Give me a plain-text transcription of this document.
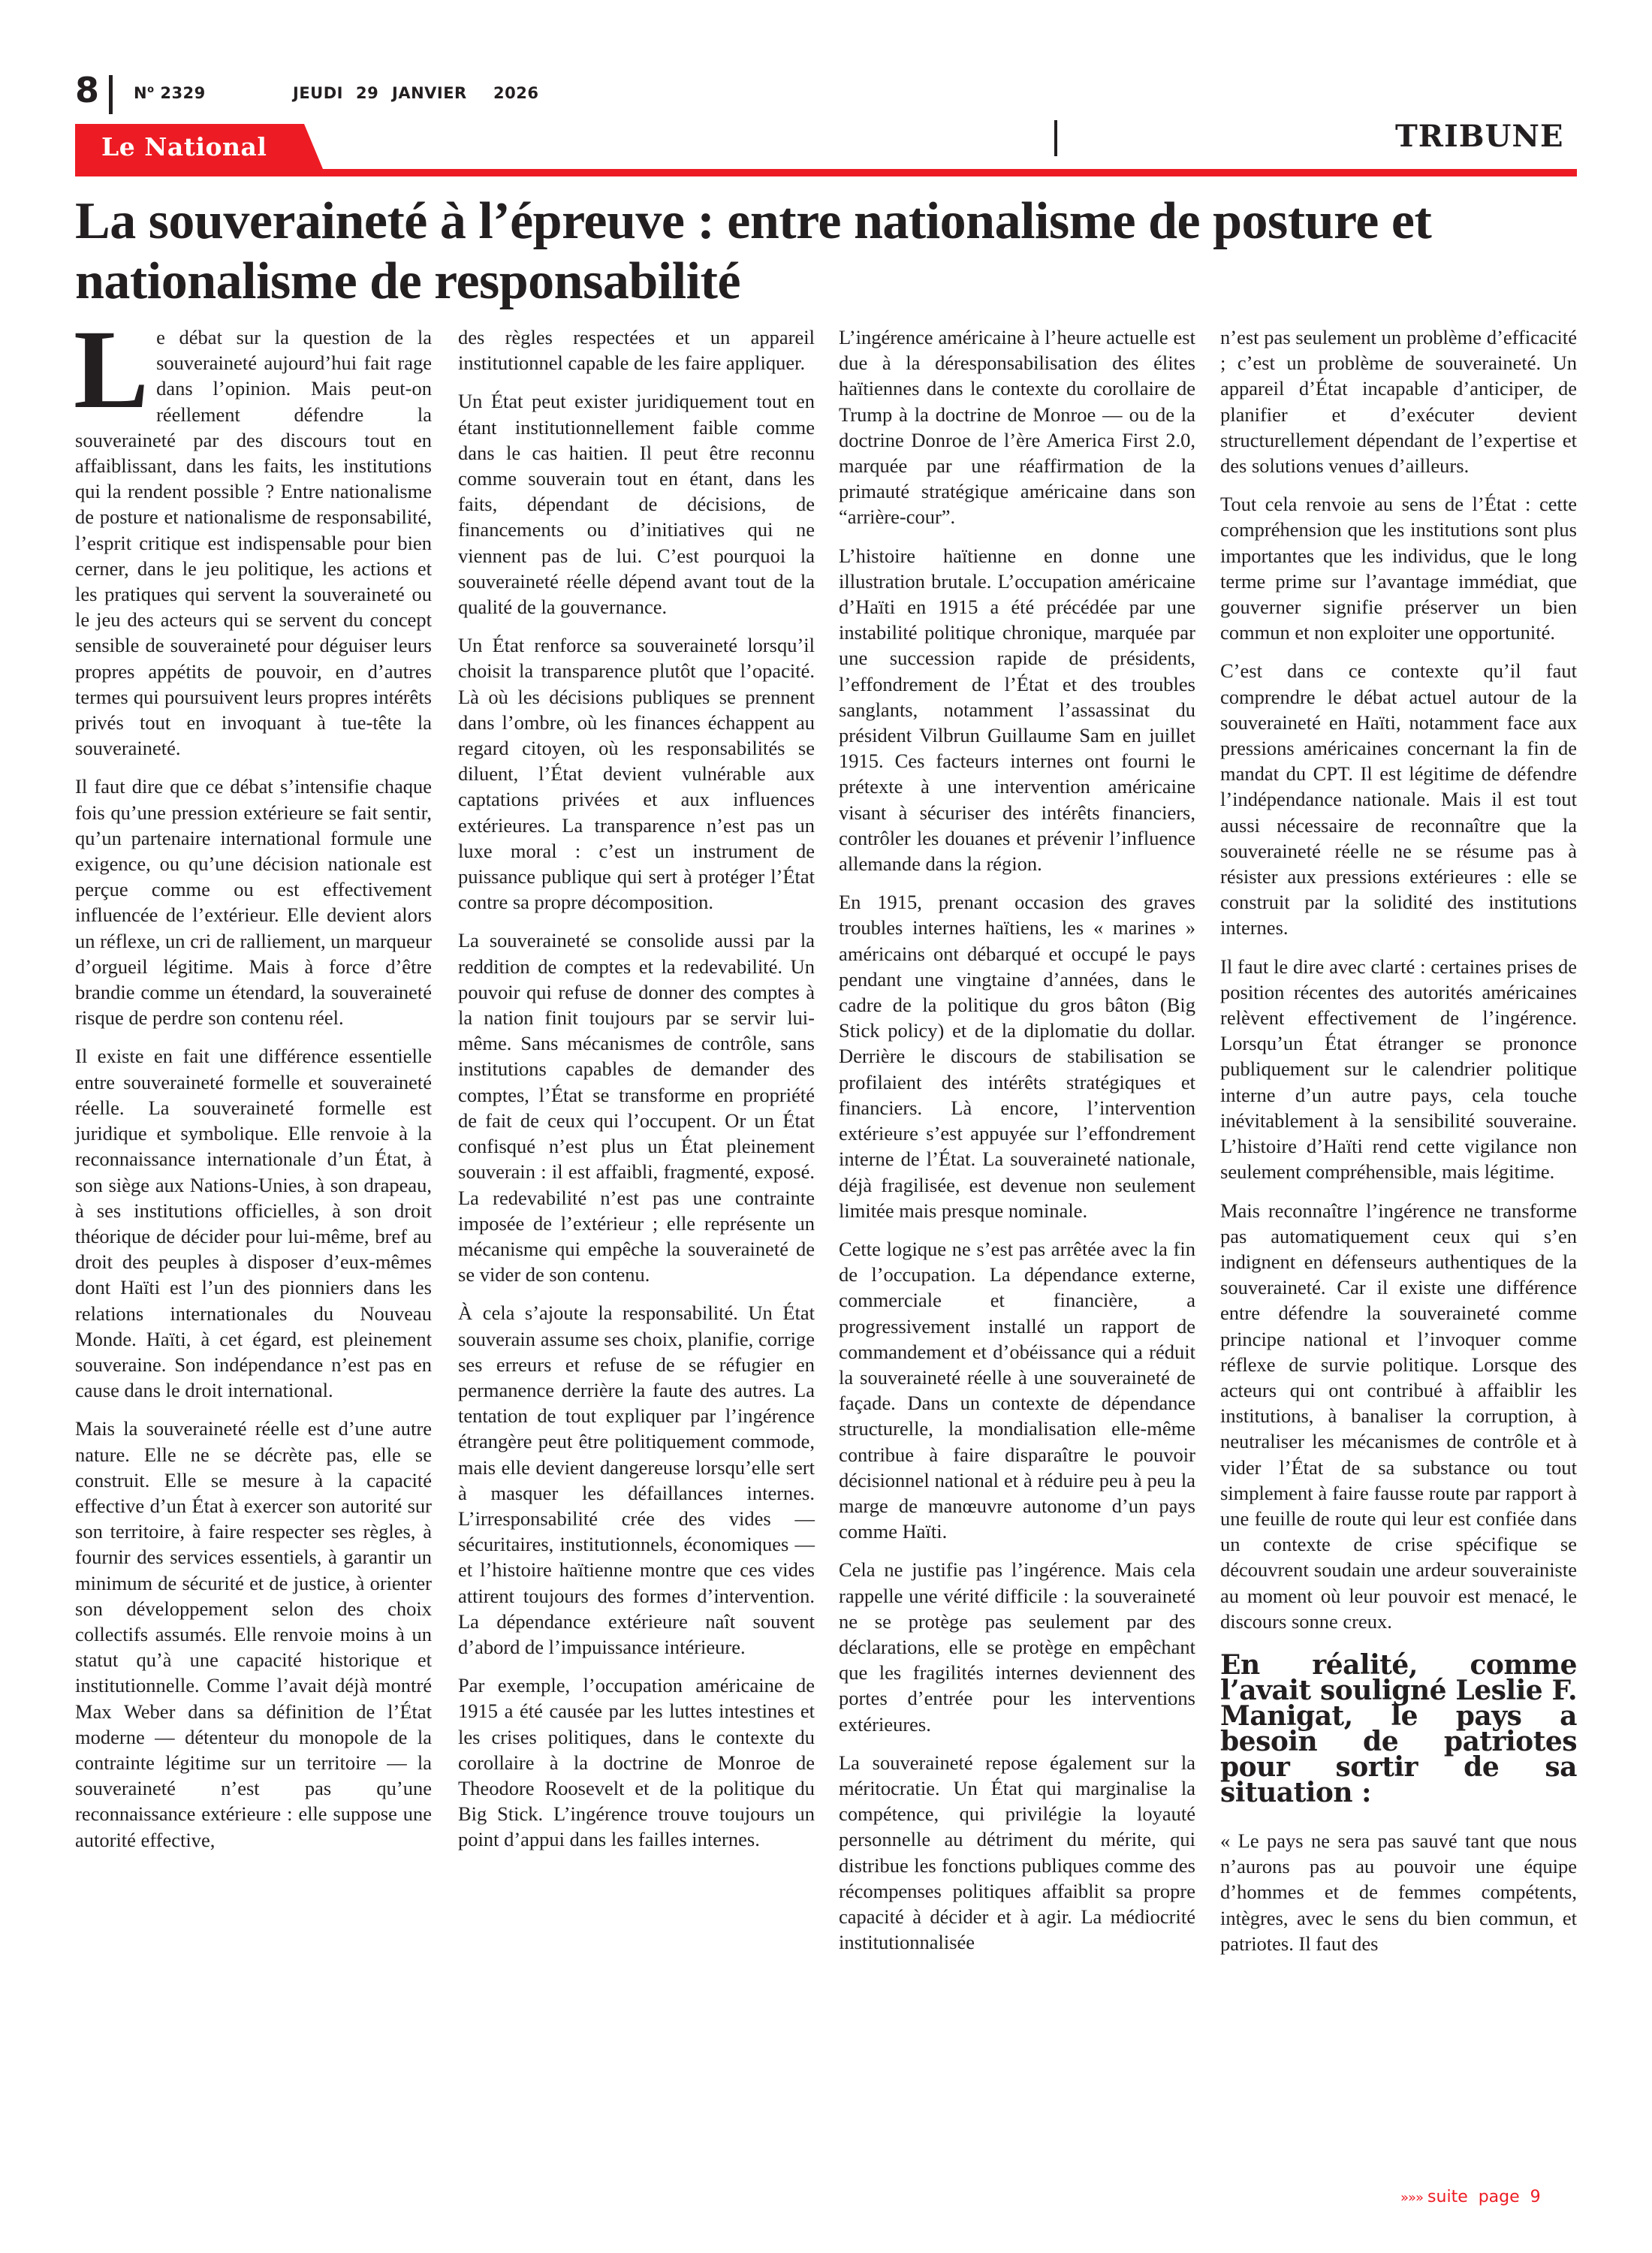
8 $N^o$ 2329	JEUDI 29 JANVIER 2026
Le National	TRIBUNE
La souveraineté à l’épreuve : entre nationalisme de posture et nationalisme de responsabilité

Le débat sur la question de la souveraineté aujourd’hui fait rage dans l’opinion. Mais peut-on réellement défendre la souveraineté par des discours tout en affaiblissant, dans les faits, les institutions qui la rendent possible ? Entre nationalisme de posture et nationalisme de responsabilité, l’esprit critique est indispensable pour bien cerner, dans le jeu politique, les actions et les pratiques qui servent la souveraineté ou le jeu des acteurs qui se servent du concept sensible de souveraineté pour déguiser leurs propres appétits de pouvoir, en d’autres termes qui poursuivent leurs propres intérêts privés tout en invoquant à tue-tête la souveraineté.

Il faut dire que ce débat s’intensifie chaque fois qu’une pression extérieure se fait sentir, qu’un partenaire international formule une exigence, ou qu’une décision nationale est perçue comme ou est effectivement influencée de l’extérieur. Elle devient alors un réflexe, un cri de ralliement, un marqueur d’orgueil légitime. Mais à force d’être brandie comme un étendard, la souveraineté risque de perdre son contenu réel.

Il existe en fait une différence essentielle entre souveraineté formelle et souveraineté réelle. La souveraineté formelle est juridique et symbolique. Elle renvoie à la reconnaissance internationale d’un État, à son siège aux Nations-Unies, à son drapeau, à ses institutions officielles, à son droit théorique de décider pour lui-même, bref au droit des peuples à disposer d’eux-mêmes dont Haïti est l’un des pionniers dans les relations internationales du Nouveau Monde. Haïti, à cet égard, est pleinement souveraine. Son indépendance n’est pas en cause dans le droit international.

Mais la souveraineté réelle est d’une autre nature. Elle ne se décrète pas, elle se construit. Elle se mesure à la capacité effective d’un État à exercer son autorité sur son territoire, à faire respecter ses règles, à fournir des services essentiels, à garantir un minimum de sécurité et de justice, à orienter son développement selon des choix collectifs assumés. Elle renvoie moins à un statut qu’à une capacité historique et institutionnelle. Comme l’avait déjà montré Max Weber dans sa définition de l’État moderne — détenteur du monopole de la contrainte légitime sur un territoire — la souveraineté n’est pas qu’une reconnaissance extérieure : elle suppose une autorité effective,

des règles respectées et un appareil institutionnel capable de les faire appliquer.

Un État peut exister juridiquement tout en étant institutionnellement faible comme dans le cas haitien. Il peut être reconnu comme souverain tout en étant, dans les faits, dépendant de décisions, de financements ou d’initiatives qui ne viennent pas de lui. C’est pourquoi la souveraineté réelle dépend avant tout de la qualité de la gouvernance.

Un État renforce sa souveraineté lorsqu’il choisit la transparence plutôt que l’opacité. Là où les décisions publiques se prennent dans l’ombre, où les finances échappent au regard citoyen, où les responsabilités se diluent, l’État devient vulnérable aux captations privées et aux influences extérieures. La transparence n’est pas un luxe moral : c’est un instrument de puissance publique qui sert à protéger l’État contre sa propre décomposition.

La souveraineté se consolide aussi par la reddition de comptes et la redevabilité. Un pouvoir qui refuse de donner des comptes à la nation finit toujours par se servir lui-même. Sans mécanismes de contrôle, sans institutions capables de demander des comptes, l’État se transforme en propriété de fait de ceux qui l’occupent. Or un État confisqué n’est plus un État pleinement souverain : il est affaibli, fragmenté, exposé. La redevabilité n’est pas une contrainte imposée de l’extérieur ; elle représente un mécanisme qui empêche la souveraineté de se vider de son contenu.

À cela s’ajoute la responsabilité. Un État souverain assume ses choix, planifie, corrige ses erreurs et refuse de se réfugier en permanence derrière la faute des autres. La tentation de tout expliquer par l’ingérence étrangère peut être politiquement commode, mais elle devient dangereuse lorsqu’elle sert à masquer les défaillances internes. L’irresponsabilité crée des vides — sécuritaires, institutionnels, économiques — et l’histoire haïtienne montre que ces vides attirent toujours des formes d’intervention. La dépendance extérieure naît souvent d’abord de l’impuissance intérieure.

Par exemple, l’occupation américaine de 1915 a été causée par les luttes intestines et les crises politiques, dans le contexte du corollaire à la doctrine de Monroe de Theodore Roosevelt et de la politique du Big Stick. L’ingérence trouve toujours un point d’appui dans les failles internes.

L’ingérence américaine à l’heure actuelle est due à la déresponsabilisation des élites haïtiennes dans le contexte du corollaire de Trump à la doctrine de Monroe — ou de la doctrine Donroe de l’ère America First 2.0, marquée par une réaffirmation de la primauté stratégique américaine dans son “arrière-cour”.

L’histoire haïtienne en donne une illustration brutale. L’occupation américaine d’Haïti en 1915 a été précédée par une instabilité politique chronique, marquée par une succession rapide de présidents, l’effondrement de l’État et des troubles sanglants, notamment l’assassinat du président Vilbrun Guillaume Sam en juillet 1915. Ces facteurs internes ont fourni le prétexte à une intervention américaine visant à sécuriser des intérêts financiers, contrôler les douanes et prévenir l’influence allemande dans la région.

En 1915, prenant occasion des graves troubles internes haïtiens, les « marines » américains ont débarqué et occupé le pays pendant une vingtaine d’années, dans le cadre de la politique du gros bâton (Big Stick policy) et de la diplomatie du dollar. Derrière le discours de stabilisation se profilaient des intérêts stratégiques et financiers. Là encore, l’intervention extérieure s’est appuyée sur l’effondrement interne de l’État. La souveraineté nationale, déjà fragilisée, est devenue non seulement limitée mais presque nominale.

Cette logique ne s’est pas arrêtée avec la fin de l’occupation. La dépendance externe, commerciale et financière, a progressivement installé un rapport de commandement et d’obéissance qui a réduit la souveraineté réelle à une souveraineté de façade. Dans un contexte de dépendance structurelle, la mondialisation elle-même contribue à faire disparaître le pouvoir décisionnel national et à réduire peu à peu la marge de manœuvre autonome d’un pays comme Haïti.

Cela ne justifie pas l’ingérence. Mais cela rappelle une vérité difficile : la souveraineté ne se protège pas seulement par des déclarations, elle se protège en empêchant que les fragilités internes deviennent des portes d’entrée pour les interventions extérieures.

La souveraineté repose également sur la méritocratie. Un État qui marginalise la compétence, qui privilégie la loyauté personnelle au détriment du mérite, qui distribue les fonctions publiques comme des récompenses politiques affaiblit sa propre capacité à décider et à agir. La médiocrité institutionnalisée

n’est pas seulement un problème d’efficacité ; c’est un problème de souveraineté. Un appareil d’État incapable d’anticiper, de planifier et d’exécuter devient structurellement dépendant de l’expertise et des solutions venues d’ailleurs.

Tout cela renvoie au sens de l’État : cette compréhension que les institutions sont plus importantes que les individus, que le long terme prime sur l’avantage immédiat, que gouverner signifie préserver un bien commun et non exploiter une opportunité.

C’est dans ce contexte qu’il faut comprendre le débat actuel autour de la souveraineté en Haïti, notamment face aux pressions américaines concernant la fin de mandat du CPT. Il est légitime de défendre l’indépendance nationale. Mais il est tout aussi nécessaire de reconnaître que la souveraineté réelle ne se résume pas à résister aux pressions extérieures : elle se construit par la solidité des institutions internes.

Il faut le dire avec clarté : certaines prises de position récentes des autorités américaines relèvent effectivement de l’ingérence. Lorsqu’un État étranger se prononce publiquement sur le calendrier politique interne d’un autre pays, cela touche inévitablement à la sensibilité souveraine. L’histoire d’Haïti rend cette vigilance non seulement compréhensible, mais légitime.

Mais reconnaître l’ingérence ne transforme pas automatiquement ceux qui s’en indignent en défenseurs authentiques de la souveraineté. Car il existe une différence entre défendre la souveraineté comme principe national et l’invoquer comme réflexe de survie politique. Lorsque des acteurs qui ont contribué à affaiblir les institutions, à banaliser la corruption, à neutraliser les mécanismes de contrôle et à vider l’État de sa substance ou tout simplement à faire fausse route par rapport à une feuille de route qui leur est confiée dans un contexte de crise spécifique se découvrent soudain une ardeur souverainiste au moment où leur pouvoir est menacé, le discours sonne creux.

En réalité, comme l’avait souligné Leslie F. Manigat, le pays a besoin de patriotes pour sortir de sa situation :

« Le pays ne sera pas sauvé tant que nous n’aurons pas au pouvoir une équipe d’hommes et de femmes compétents, intègres, avec le sens du bien commun, et patriotes. Il faut des

»»» suite  page  9
